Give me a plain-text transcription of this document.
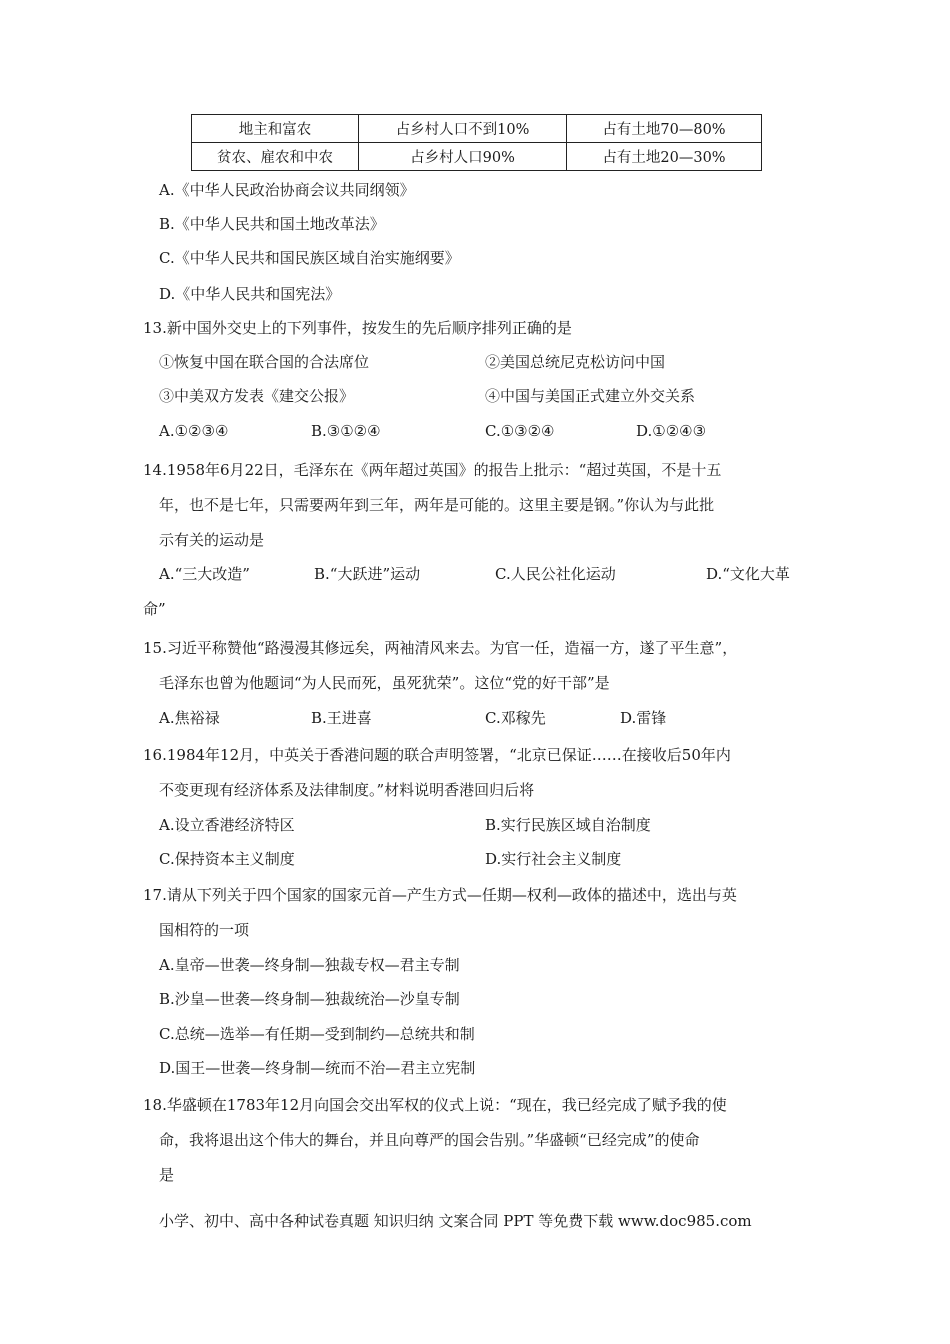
地主和富农	占乡村人口不到10%	占有土地70—80%
贫农、雇农和中农	占乡村人口90%	占有土地20—30%
A.《中华人民政治协商会议共同纲领》
B.《中华人民共和国土地改革法》
C.《中华人民共和国民族区域自治实施纲要》
D.《中华人民共和国宪法》
13.新中国外交史上的下列事件，按发生的先后顺序排列正确的是
①恢复中国在联合国的合法席位	②美国总统尼克松访问中国
③中美双方发表《建交公报》	④中国与美国正式建立外交关系
A.①②③④	B.③①②④	C.①③②④	D.①②④③
14.1958年6月22日，毛泽东在《两年超过英国》的报告上批示：“超过英国，不是十五
年，也不是七年，只需要两年到三年，两年是可能的。这里主要是钢。”你认为与此批
示有关的运动是
A.“三大改造”	B.“大跃进”运动	C.人民公社化运动	D.“文化大革
命”
15.习近平称赞他“路漫漫其修远矣，两袖清风来去。为官一任，造福一方，遂了平生意”，
毛泽东也曾为他题词“为人民而死，虽死犹荣”。这位“党的好干部”是
A.焦裕禄	B.王进喜	C.邓稼先	D.雷锋
16.1984年12月，中英关于香港问题的联合声明签署，“北京已保证……在接收后50年内
不变更现有经济体系及法律制度。”材料说明香港回归后将
A.设立香港经济特区	B.实行民族区域自治制度
C.保持资本主义制度	D.实行社会主义制度
17.请从下列关于四个国家的国家元首—产生方式—任期—权利—政体的描述中，选出与英
国相符的一项
A.皇帝—世袭—终身制—独裁专权—君主专制
B.沙皇—世袭—终身制—独裁统治—沙皇专制
C.总统—选举—有任期—受到制约—总统共和制
D.国王—世袭—终身制—统而不治—君主立宪制
18.华盛顿在1783年12月向国会交出军权的仪式上说：“现在，我已经完成了赋予我的使
命，我将退出这个伟大的舞台，并且向尊严的国会告别。”华盛顿“已经完成”的使命
是
小学、初中、高中各种试卷真题 知识归纳 文案合同 PPT 等免费下载 www.doc985.com
